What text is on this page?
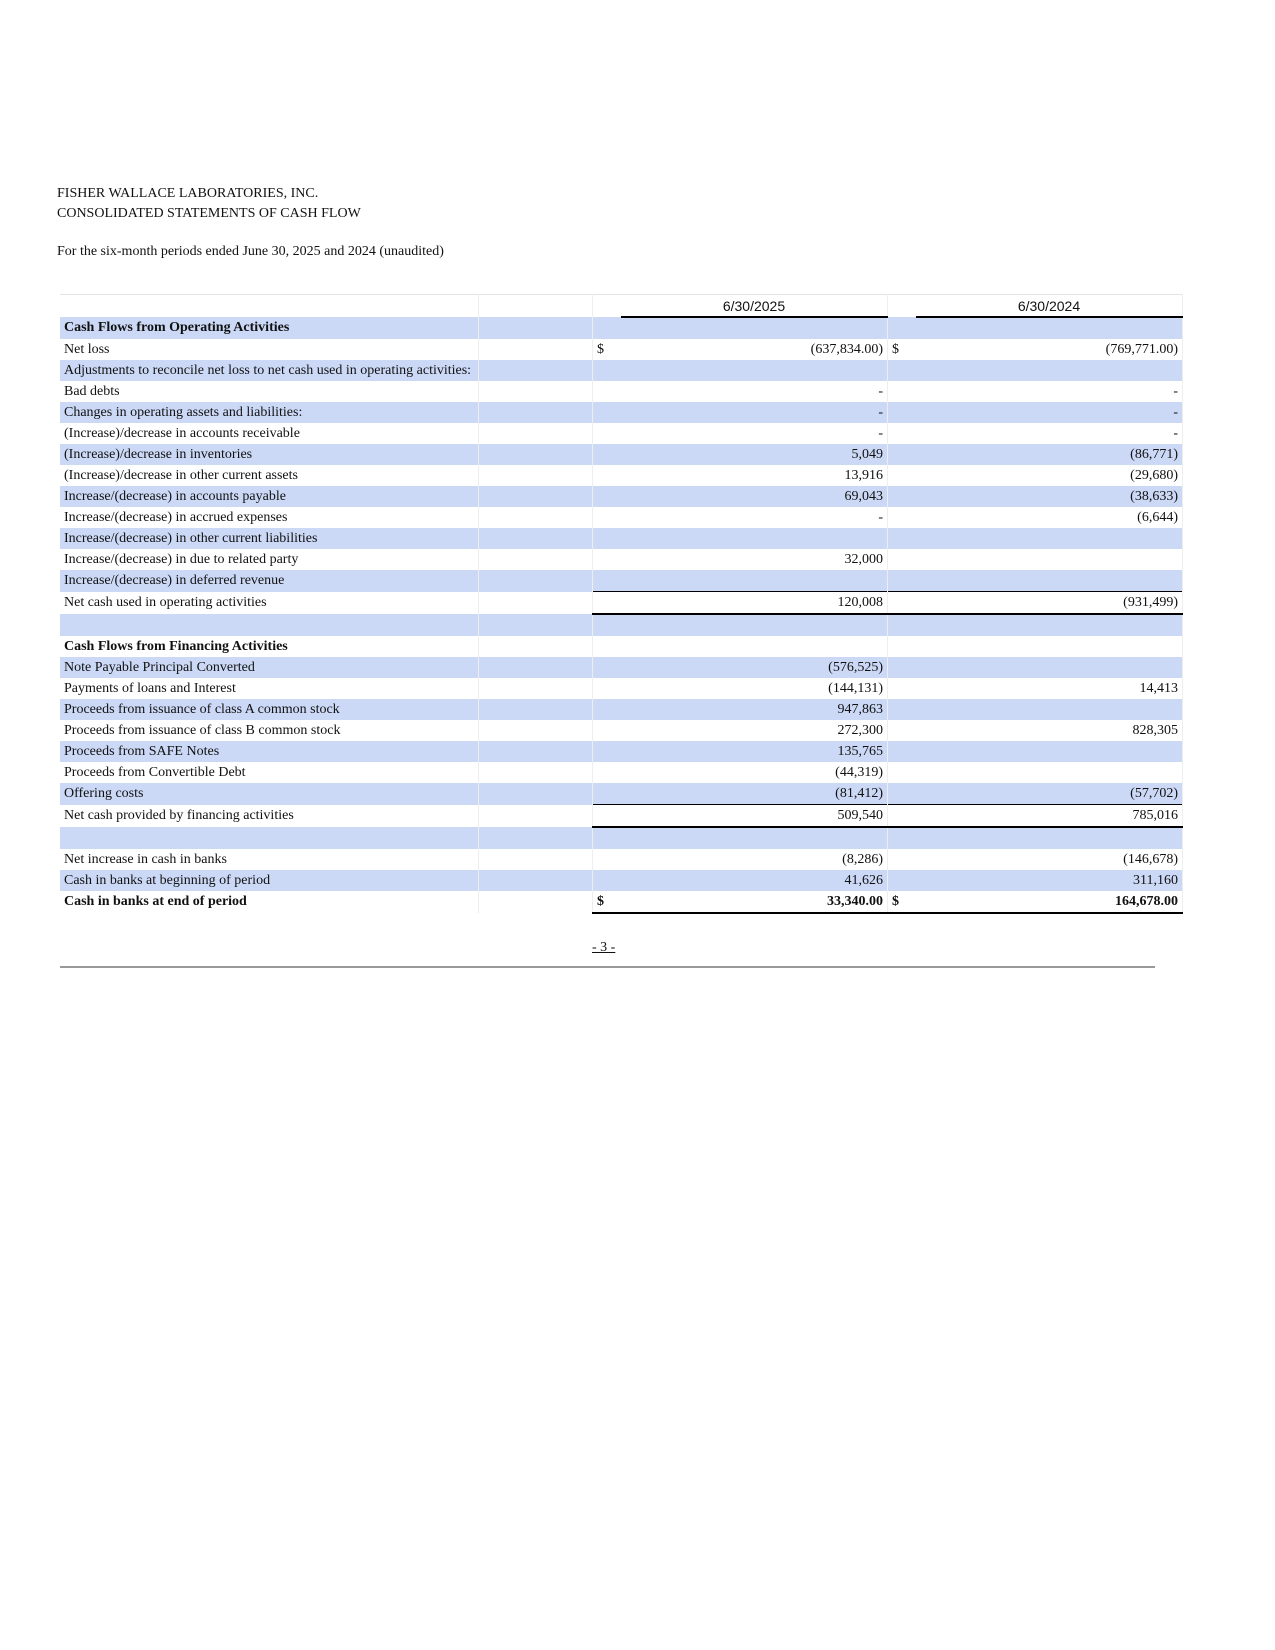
FISHER WALLACE LABORATORIES, INC.
CONSOLIDATED STATEMENTS OF CASH FLOW
For the six-month periods ended June 30, 2025 and 2024 (unaudited)
			6/30/2025		6/30/2024
Cash Flows from Operating Activities					
Net loss		$	(637,834.00)	$	(769,771.00)
Adjustments to reconcile net loss to net cash used in operating activities:					
Bad debts			-		-
Changes in operating assets and liabilities:			-		-
(Increase)/decrease in accounts receivable			-		-
(Increase)/decrease in inventories			5,049		(86,771)
(Increase)/decrease in other current assets			13,916		(29,680)
Increase/(decrease) in accounts payable			69,043		(38,633)
Increase/(decrease) in accrued expenses			-		(6,644)
Increase/(decrease) in other current liabilities					
Increase/(decrease) in due to related party			32,000		
Increase/(decrease) in deferred revenue					
Net cash used in operating activities			120,008		(931,499)

Cash Flows from Financing Activities					
Note Payable Principal Converted			(576,525)		
Payments of loans and Interest			(144,131)		14,413
Proceeds from issuance of class A common stock			947,863		
Proceeds from issuance of class B common stock			272,300		828,305
Proceeds from SAFE Notes			135,765		
Proceeds from Convertible Debt			(44,319)		
Offering costs			(81,412)		(57,702)
Net cash provided by financing activities			509,540		785,016

Net increase in cash in banks			(8,286)		(146,678)
Cash in banks at beginning of period			41,626		311,160
Cash in banks at end of period		$	33,340.00	$	164,678.00
- 3 -
